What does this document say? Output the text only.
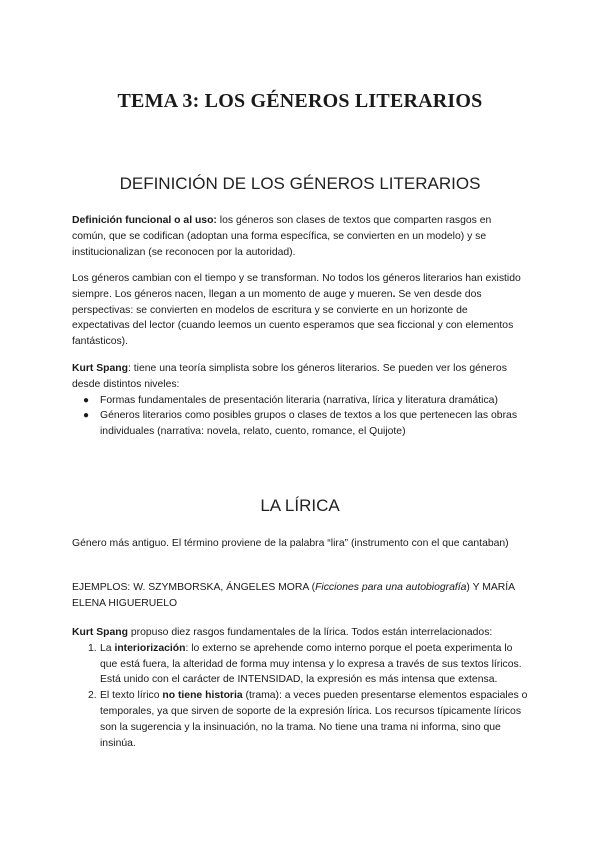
TEMA 3: LOS GÉNEROS LITERARIOS
DEFINICIÓN DE LOS GÉNEROS LITERARIOS

Definición funcional o al uso: los géneros son clases de textos que comparten rasgos en común, que se codifican (adoptan una forma específica, se convierten en un modelo) y se institucionalizan (se reconocen por la autoridad).

Los géneros cambian con el tiempo y se transforman. No todos los géneros literarios han existido siempre. Los géneros nacen, llegan a un momento de auge y mueren. Se ven desde dos perspectivas: se convierten en modelos de escritura y se convierte en un horizonte de expectativas del lector (cuando leemos un cuento esperamos que sea ficcional y con elementos fantásticos).

Kurt Spang: tiene una teoría simplista sobre los géneros literarios. Se pueden ver los géneros desde distintos niveles:

● Formas fundamentales de presentación literaria (narrativa, lírica y literatura dramática)
● Géneros literarios como posibles grupos o clases de textos a los que pertenecen las obras individuales (narrativa: novela, relato, cuento, romance, el Quijote)
LA LÍRICA

Género más antiguo. El término proviene de la palabra “lira” (instrumento con el que cantaban)

EJEMPLOS: W. SZYMBORSKA, ÁNGELES MORA (Ficciones para una autobiografía) Y MARÍA ELENA HIGUERUELO

Kurt Spang propuso diez rasgos fundamentales de la lírica. Todos están interrelacionados:

1. La interiorización: lo externo se aprehende como interno porque el poeta experimenta lo que está fuera, la alteridad de forma muy intensa y lo expresa a través de sus textos líricos. Está unido con el carácter de INTENSIDAD, la expresión es más intensa que extensa.
2. El texto lírico no tiene historia (trama): a veces pueden presentarse elementos espaciales o temporales, ya que sirven de soporte de la expresión lírica. Los recursos típicamente líricos son la sugerencia y la insinuación, no la trama. No tiene una trama ni informa, sino que insinúa.
